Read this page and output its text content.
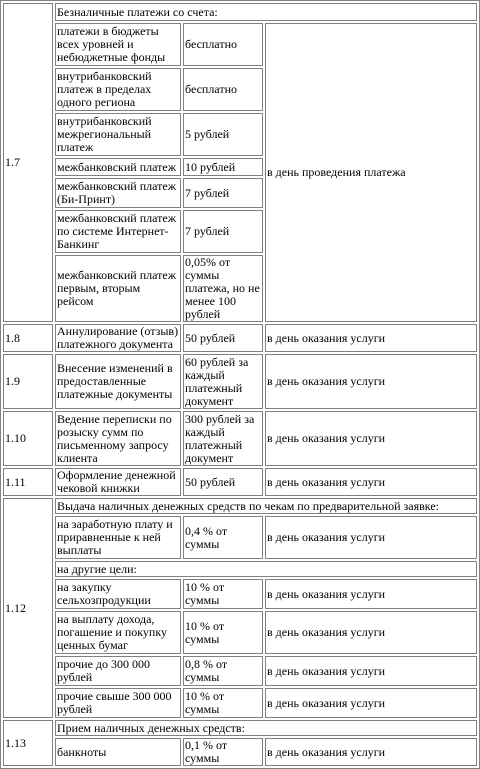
1.7	Безналичные платежи со счета:		
	платежи в бюджеты всех уровней и небюджетные фонды	бесплатно	в день проведения платежа
	внутрибанковский платеж в пределах одного региона	бесплатно	
	внутрибанковский межрегиональный платеж	5 рублей	
	межбанковский платеж	10 рублей	
	межбанковский платеж (Би-Принт)	7 рублей	
	межбанковский платеж по системе Интернет-Банкинг	7 рублей	
	межбанковский платеж первым, вторым рейсом	0,05% от суммы платежа, но не менее 100 рублей	
1.8	Аннулирование (отзыв) платежного документа	50 рублей	в день оказания услуги
1.9	Внесение изменений в предоставленные платежные документы	60 рублей за каждый платежный документ	в день оказания услуги
1.10	Ведение переписки по розыску сумм по письменному запросу клиента	300 рублей за каждый платежный документ	в день оказания услуги
1.11	Оформление денежной чековой книжки	50 рублей	в день оказания услуги
1.12	Выдача наличных денежных средств по чекам по предварительной заявке:		
	на заработную плату и приравненные к ней выплаты	0,4 % от суммы	в день оказания услуги
	на другие цели:		
	на закупку сельхозпродукции	10 % от суммы	в день оказания услуги
	на выплату дохода, погашение и покупку ценных бумаг	10 % от суммы	в день оказания услуги
	прочие до 300 000 рублей	0,8 % от суммы	в день оказания услуги
	прочие свыше 300 000 рублей	10 % от суммы	в день оказания услуги
1.13	Прием наличных денежных средств:		
	банкноты	0,1 % от суммы	в день оказания услуги
